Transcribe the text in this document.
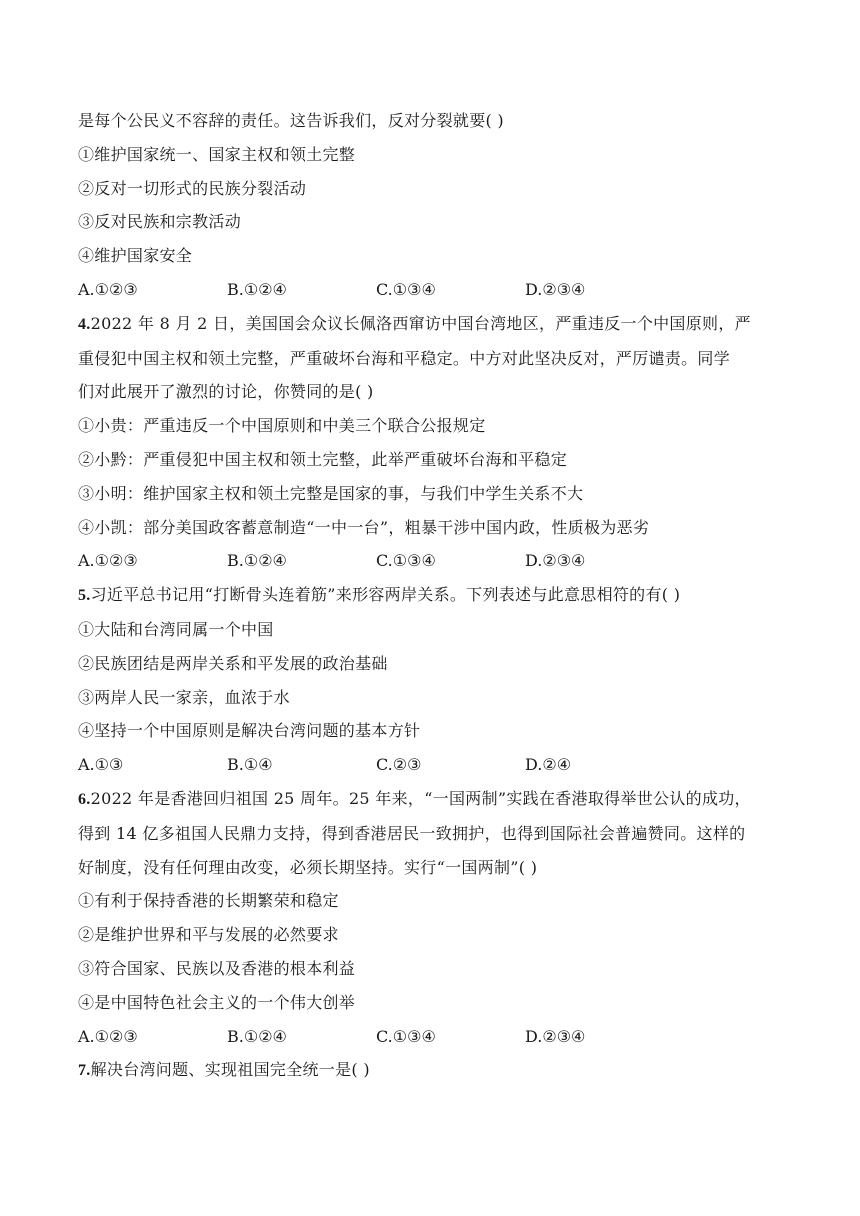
是每个公民义不容辞的责任。这告诉我们，反对分裂就要( )
①维护国家统一、国家主权和领土完整
②反对一切形式的民族分裂活动
③反对民族和宗教活动
④维护国家安全
A.①②③	B.①②④	C.①③④	D.②③④
4.2022 年 8 月 2 日，美国国会众议长佩洛西窜访中国台湾地区，严重违反一个中国原则，严
重侵犯中国主权和领土完整，严重破坏台海和平稳定。中方对此坚决反对，严厉谴责。同学
们对此展开了激烈的讨论，你赞同的是( )
①小贵：严重违反一个中国原则和中美三个联合公报规定
②小黔：严重侵犯中国主权和领土完整，此举严重破坏台海和平稳定
③小明：维护国家主权和领土完整是国家的事，与我们中学生关系不大
④小凯：部分美国政客蓄意制造“一中一台”，粗暴干涉中国内政，性质极为恶劣
A.①②③	B.①②④	C.①③④	D.②③④
5.习近平总书记用“打断骨头连着筋”来形容两岸关系。下列表述与此意思相符的有( )
①大陆和台湾同属一个中国
②民族团结是两岸关系和平发展的政治基础
③两岸人民一家亲，血浓于水
④坚持一个中国原则是解决台湾问题的基本方针
A.①③	B.①④	C.②③	D.②④
6.2022 年是香港回归祖国 25 周年。25 年来，“一国两制”实践在香港取得举世公认的成功，
得到 14 亿多祖国人民鼎力支持，得到香港居民一致拥护，也得到国际社会普遍赞同。这样的
好制度，没有任何理由改变，必须长期坚持。实行“一国两制”( )
①有利于保持香港的长期繁荣和稳定
②是维护世界和平与发展的必然要求
③符合国家、民族以及香港的根本利益
④是中国特色社会主义的一个伟大创举
A.①②③	B.①②④	C.①③④	D.②③④
7.解决台湾问题、实现祖国完全统一是( )
